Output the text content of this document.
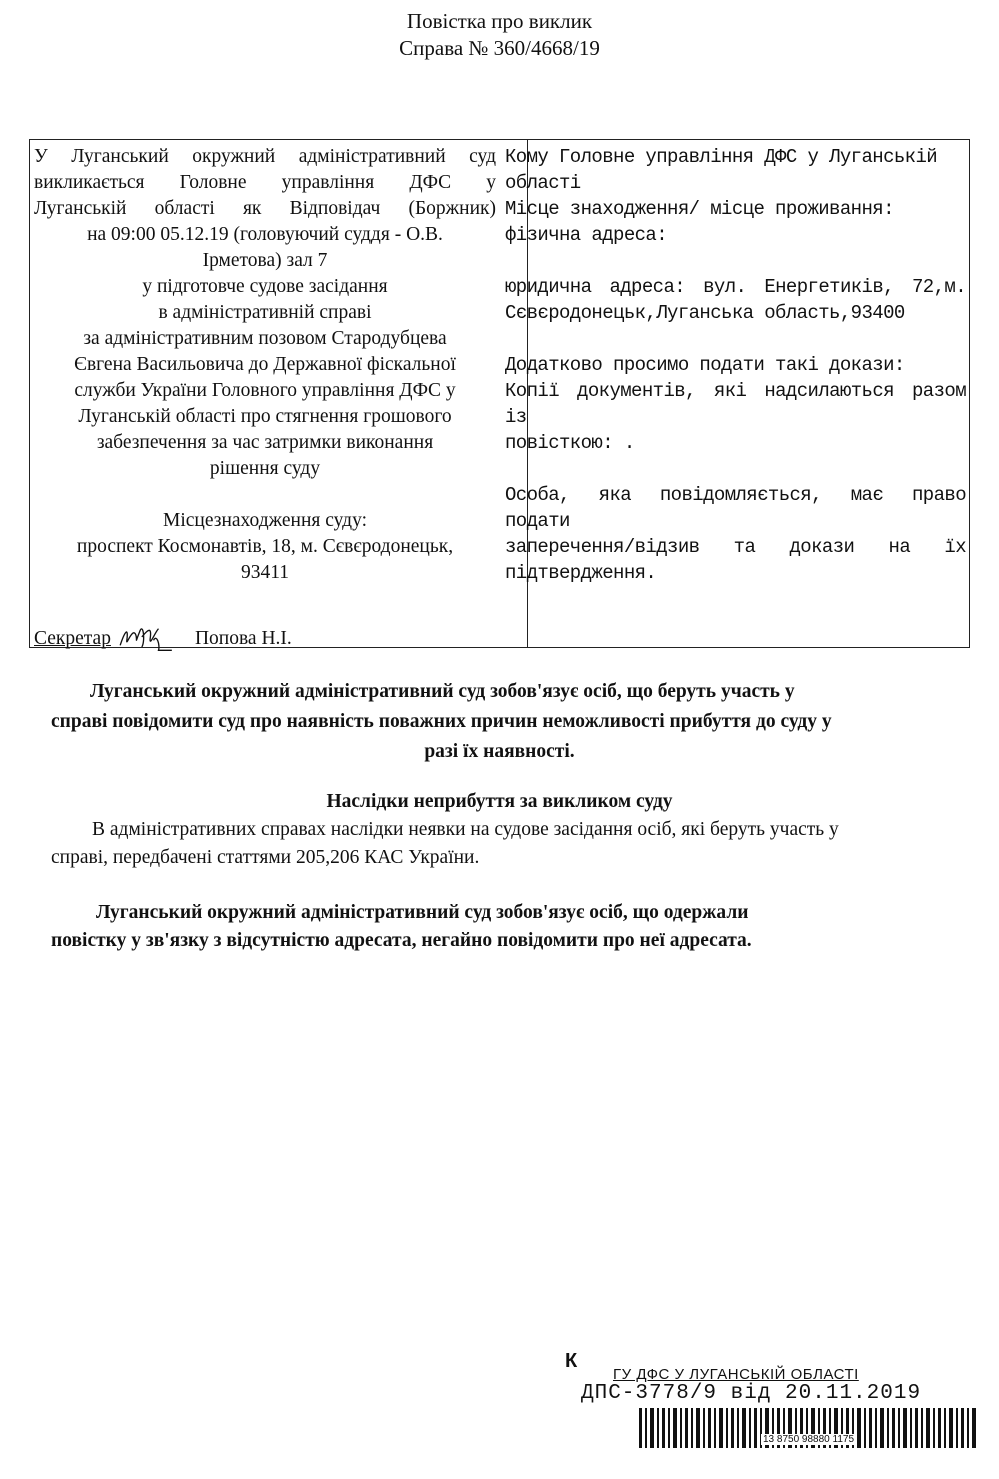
Повістка про виклик
Справа № 360/4668/19
У Луганський окружний адміністративний суд
викликається Головне управління ДФС у
Луганській області як Відповідач (Боржник)
на 09:00 05.12.19 (головуючий суддя - О.В.
Ірметова) зал 7
у підготовче судове засідання
в адміністративній справі
за адміністративним позовом Стародубцева
Євгена Васильовича до Державної фіскальної
служби України Головного управління ДФС у
Луганській області про стягнення грошового
забезпечення за час затримки виконання
рішення суду
Місцезнаходження суду:
проспект Космонавтів, 18, м. Сєвєродонецьк,
93411
Секретар	Попова Н.І.
Кому Головне управління ДФС у Луганській
області
Місце знаходження/ місце проживання:
фізична адреса:
юридична адреса: вул. Енергетиків, 72,м.
Сєвєродонецьк,Луганська область,93400
Додатково просимо подати такі докази:
Копії документів, які надсилаються разом із
повісткою: .
Особа, яка повідомляється, має право подати
заперечення/відзив та докази на їх
підтвердження.
Луганський окружний адміністративний суд зобов'язує осіб, що беруть участь у
справі повідомити суд про наявність поважних причин неможливості прибуття до суду у
разі їх наявності.
Наслідки неприбуття за викликом суду
В адміністративних справах наслідки неявки на судове засідання осіб, які беруть участь у
справі, передбачені статтями 205,206 КАС України.
Луганський окружний адміністративний суд зобов'язує осіб, що одержали
повістку у зв'язку з відсутністю адресата, негайно повідомити про неї адресата.
К
ГУ ДФС У ЛУГАНСЬКІЙ ОБЛАСТІ
ДПС-3778/9 від 20.11.2019
13 8750 98880 1175
